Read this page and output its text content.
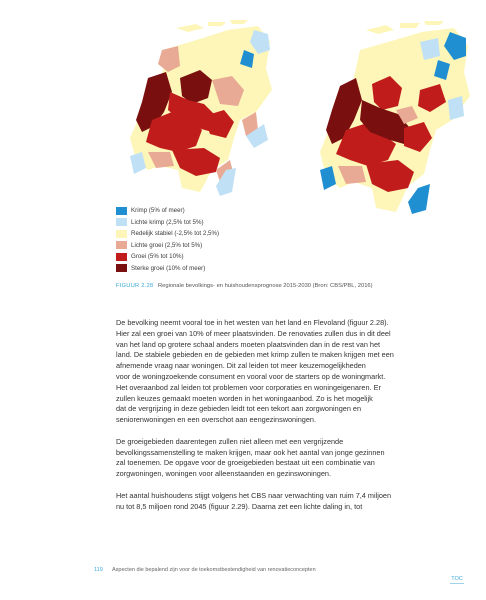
Krimp (5% of meer)
Lichte krimp (2,5% tot 5%)
Redelijk stabiel (-2,5% tot 2,5%)
Lichte groei (2,5% tot 5%)
Groei (5% tot 10%)
Sterke groei (10% of meer)
FIGUUR 2.28 Regionale bevolkings- en huishoudensprognose 2015-2030 (Bron: CBS/PBL, 2016)
De bevolking neemt vooral toe in het westen van het land en Flevoland (figuur 2.28).
Hier zal een groei van 10% of meer plaatsvinden. De renovaties zullen dus in dit deel
van het land op grotere schaal anders moeten plaatsvinden dan in de rest van het
land. De stabiele gebieden en de gebieden met krimp zullen te maken krijgen met een
afnemende vraag naar woningen. Dit zal leiden tot meer keuzemogelijkheden
voor de woningzoekende consument en vooral voor de starters op de woningmarkt.
Het overaanbod zal leiden tot problemen voor corporaties en woningeigenaren. Er
zullen keuzes gemaakt moeten worden in het woningaanbod. Zo is het mogelijk
dat de vergrijzing in deze gebieden leidt tot een tekort aan zorgwoningen en
seniorenwoningen en een overschot aan eengezinswoningen.
De groeigebieden daarentegen zullen niet alleen met een vergrijzende
bevolkingssamenstelling te maken krijgen, maar ook het aantal van jonge gezinnen
zal toenemen. De opgave voor de groeigebieden bestaat uit een combinatie van
zorgwoningen, woningen voor alleenstaanden en gezinswoningen.
Het aantal huishoudens stijgt volgens het CBS naar verwachting van ruim 7,4 miljoen
nu tot 8,5 miljoen rond 2045 (figuur 2.29). Daarna zet een lichte daling in, tot
119 Aspecten die bepalend zijn voor de toekomstbestendigheid van renovatieconcepten
TOC
